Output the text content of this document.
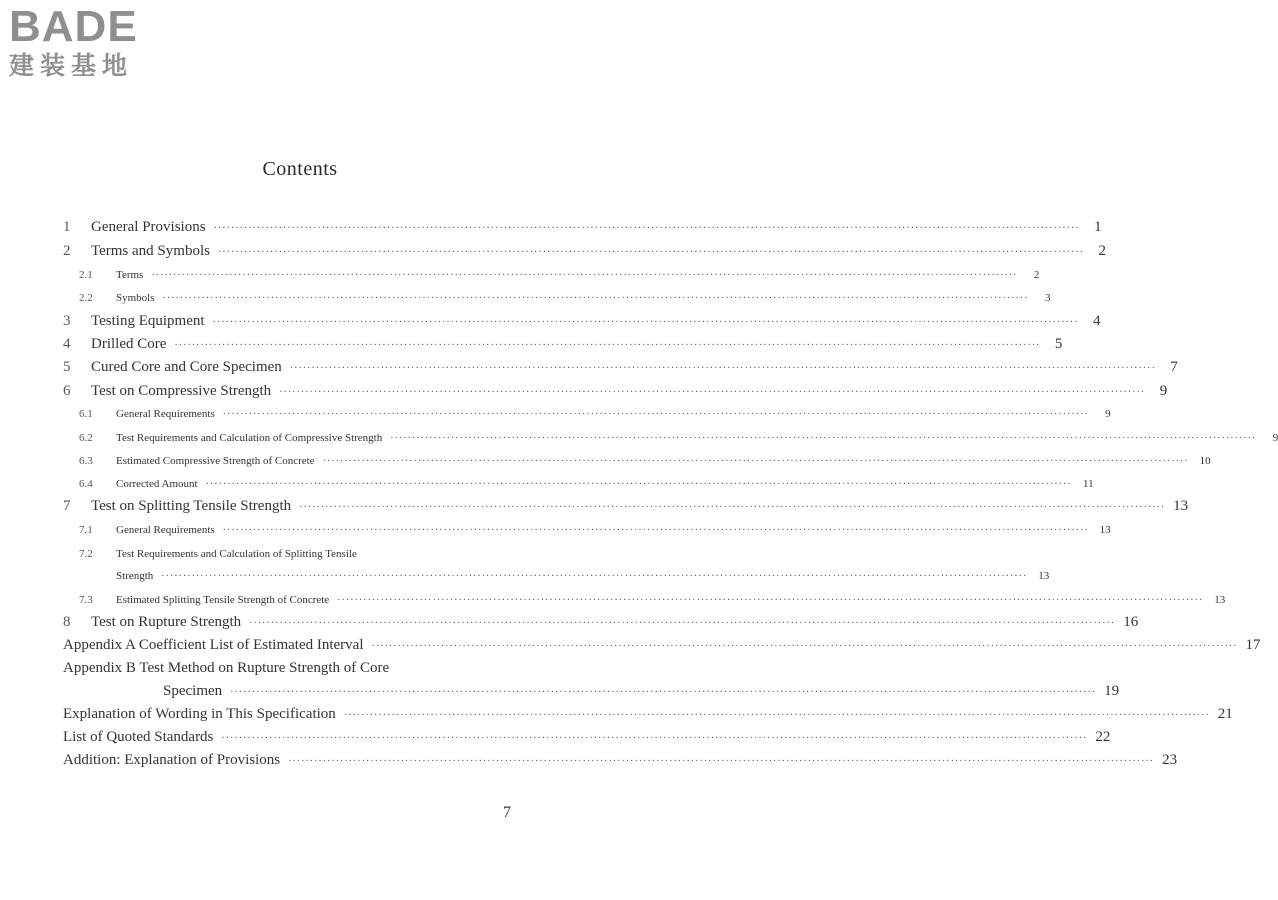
BADE
建装基地
Contents
1	General Provisions ········································································································································································································ 1
2	Terms and Symbols ········································································································································································································ 2
2.1	Terms ········································································································································································································	2
2.2	Symbols ········································································································································································································	3
3	Testing Equipment ········································································································································································································ 4
4	Drilled Core ········································································································································································································ 5
5	Cured Core and Core Specimen ········································································································································································································ 7
6	Test on Compressive Strength ········································································································································································································ 9
6.1	General Requirements ········································································································································································································	9
6.2	Test Requirements and Calculation of Compressive Strength ········································································································································································································	9
6.3	Estimated Compressive Strength of Concrete ········································································································································································································	10
6.4	Corrected Amount ········································································································································································································	11
7	Test on Splitting Tensile Strength ········································································································································································································ 13
7.1	General Requirements ········································································································································································································	13
7.2	Test Requirements and Calculation of Splitting Tensile
Strength ········································································································································································································	13
7.3	Estimated Splitting Tensile Strength of Concrete ········································································································································································································	13
8	Test on Rupture Strength ········································································································································································································ 16
Appendix A Coefficient List of Estimated Interval ········································································································································································································ 17
Appendix B Test Method on Rupture Strength of Core
Specimen ········································································································································································································ 19
Explanation of Wording in This Specification ········································································································································································································ 21
List of Quoted Standards ········································································································································································································ 22
Addition: Explanation of Provisions ········································································································································································································ 23
7
